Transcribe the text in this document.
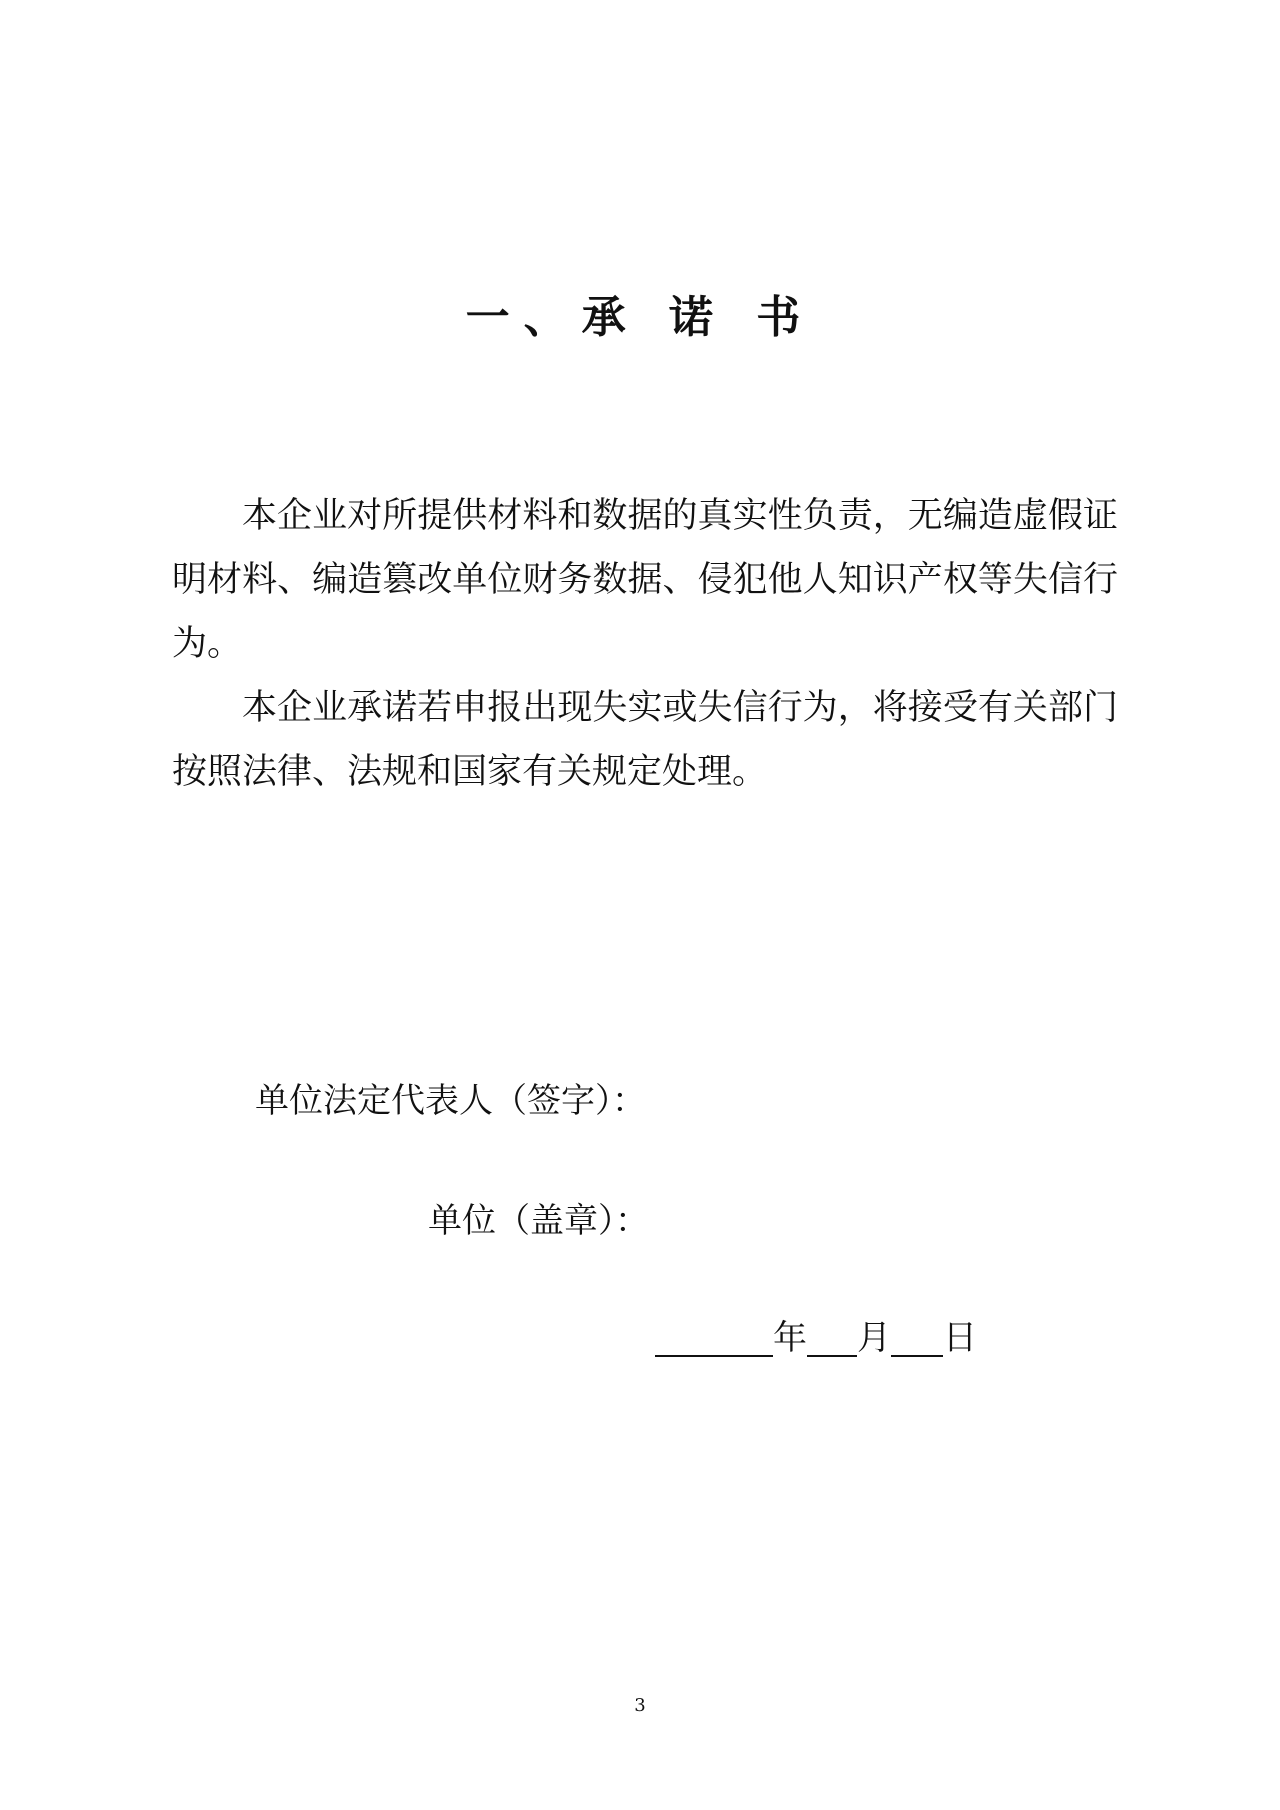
一、承 诺 书

本企业对所提供材料和数据的真实性负责，无编造虚假证明材料、编造篡改单位财务数据、侵犯他人知识产权等失信行为。

本企业承诺若申报出现失实或失信行为，将接受有关部门按照法律、法规和国家有关规定处理。

单位法定代表人（签字）：
单位（盖章）：
年 月 日
3
